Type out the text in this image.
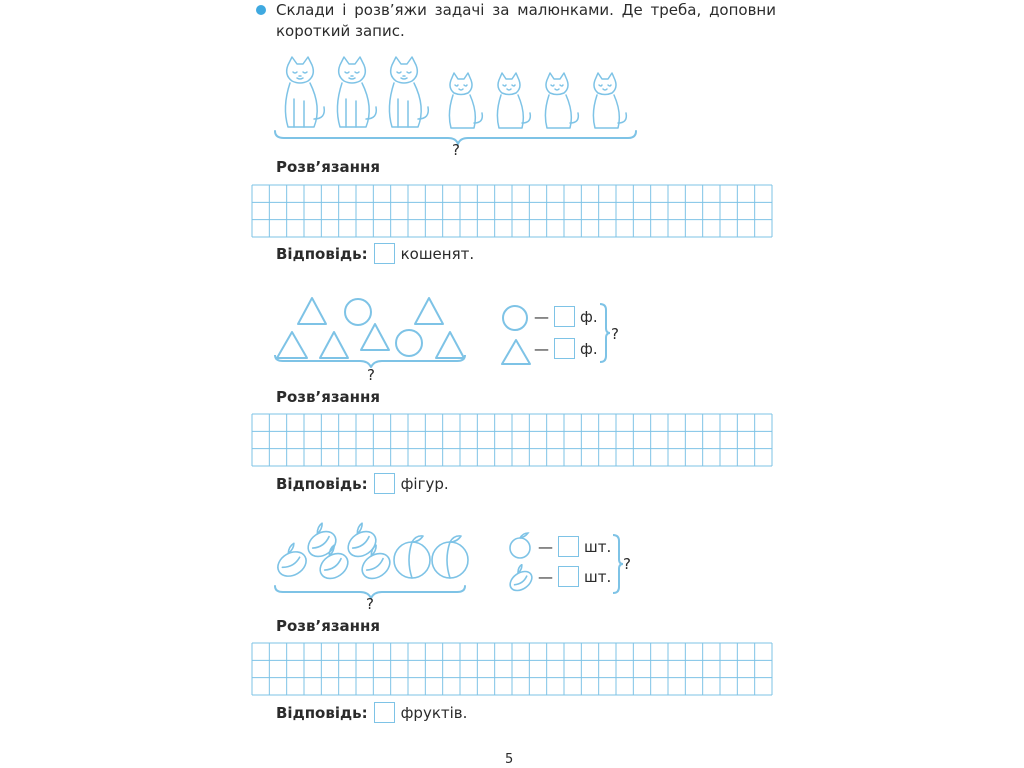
Склади і розв’яжи задачі за малюнками. Де треба, доповни короткий запис.
?
Розв’язання
Відповідь: кошенят.
?
— ф.
— ф.
?
Розв’язання
Відповідь: фігур.
?
— шт.
— шт.
?
Розв’язання
Відповідь: фруктів.
5
